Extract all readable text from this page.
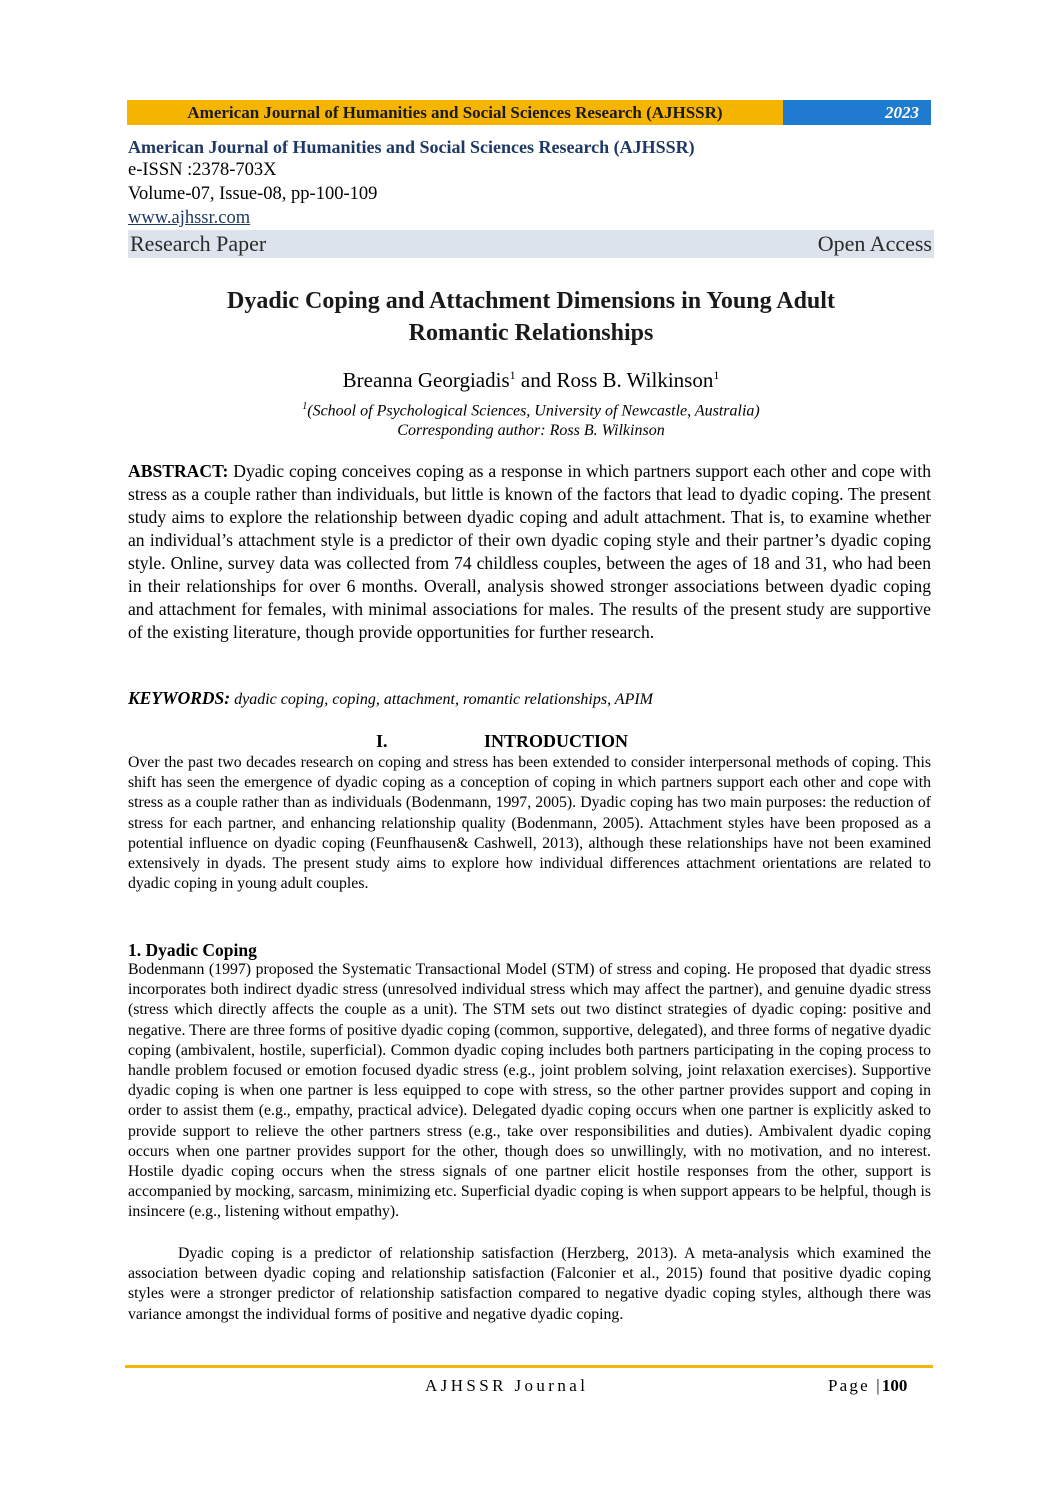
American Journal of Humanities and Social Sciences Research (AJHSSR)	2023
American Journal of Humanities and Social Sciences Research (AJHSSR)
e-ISSN :2378-703X
Volume-07, Issue-08, pp-100-109
www.ajhssr.com
Research Paper	Open Access
Dyadic Coping and Attachment Dimensions in Young Adult
Romantic Relationships
Breanna Georgiadis$^1$ and Ross B. Wilkinson$^1$
$^1$(School of Psychological Sciences, University of Newcastle, Australia)
Corresponding author: Ross B. Wilkinson
ABSTRACT: Dyadic coping conceives coping as a response in which partners support each other and cope with stress as a couple rather than individuals, but little is known of the factors that lead to dyadic coping. The present study aims to explore the relationship between dyadic coping and adult attachment. That is, to examine whether an individual’s attachment style is a predictor of their own dyadic coping style and their partner’s dyadic coping style. Online, survey data was collected from 74 childless couples, between the ages of 18 and 31, who had been in their relationships for over 6 months. Overall, analysis showed stronger associations between dyadic coping and attachment for females, with minimal associations for males. The results of the present study are supportive of the existing literature, though provide opportunities for further research.
KEYWORDS: dyadic coping, coping, attachment, romantic relationships, APIM
I.	INTRODUCTION
Over the past two decades research on coping and stress has been extended to consider interpersonal methods of coping. This shift has seen the emergence of dyadic coping as a conception of coping in which partners support each other and cope with stress as a couple rather than as individuals (Bodenmann, 1997, 2005). Dyadic coping has two main purposes: the reduction of stress for each partner, and enhancing relationship quality (Bodenmann, 2005). Attachment styles have been proposed as a potential influence on dyadic coping (Feunfhausen& Cashwell, 2013), although these relationships have not been examined extensively in dyads. The present study aims to explore how individual differences attachment orientations are related to dyadic coping in young adult couples.
1. Dyadic Coping
Bodenmann (1997) proposed the Systematic Transactional Model (STM) of stress and coping. He proposed that dyadic stress incorporates both indirect dyadic stress (unresolved individual stress which may affect the partner), and genuine dyadic stress (stress which directly affects the couple as a unit). The STM sets out two distinct strategies of dyadic coping: positive and negative. There are three forms of positive dyadic coping (common, supportive, delegated), and three forms of negative dyadic coping (ambivalent, hostile, superficial). Common dyadic coping includes both partners participating in the coping process to handle problem focused or emotion focused dyadic stress (e.g., joint problem solving, joint relaxation exercises). Supportive dyadic coping is when one partner is less equipped to cope with stress, so the other partner provides support and coping in order to assist them (e.g., empathy, practical advice). Delegated dyadic coping occurs when one partner is explicitly asked to provide support to relieve the other partners stress (e.g., take over responsibilities and duties). Ambivalent dyadic coping occurs when one partner provides support for the other, though does so unwillingly, with no motivation, and no interest. Hostile dyadic coping occurs when the stress signals of one partner elicit hostile responses from the other, support is accompanied by mocking, sarcasm, minimizing etc. Superficial dyadic coping is when support appears to be helpful, though is insincere (e.g., listening without empathy).
Dyadic coping is a predictor of relationship satisfaction (Herzberg, 2013). A meta-analysis which examined the association between dyadic coping and relationship satisfaction (Falconier et al., 2015) found that positive dyadic coping styles were a stronger predictor of relationship satisfaction compared to negative dyadic coping styles, although there was variance amongst the individual forms of positive and negative dyadic coping.
AJHSSR Journal	Page |100
